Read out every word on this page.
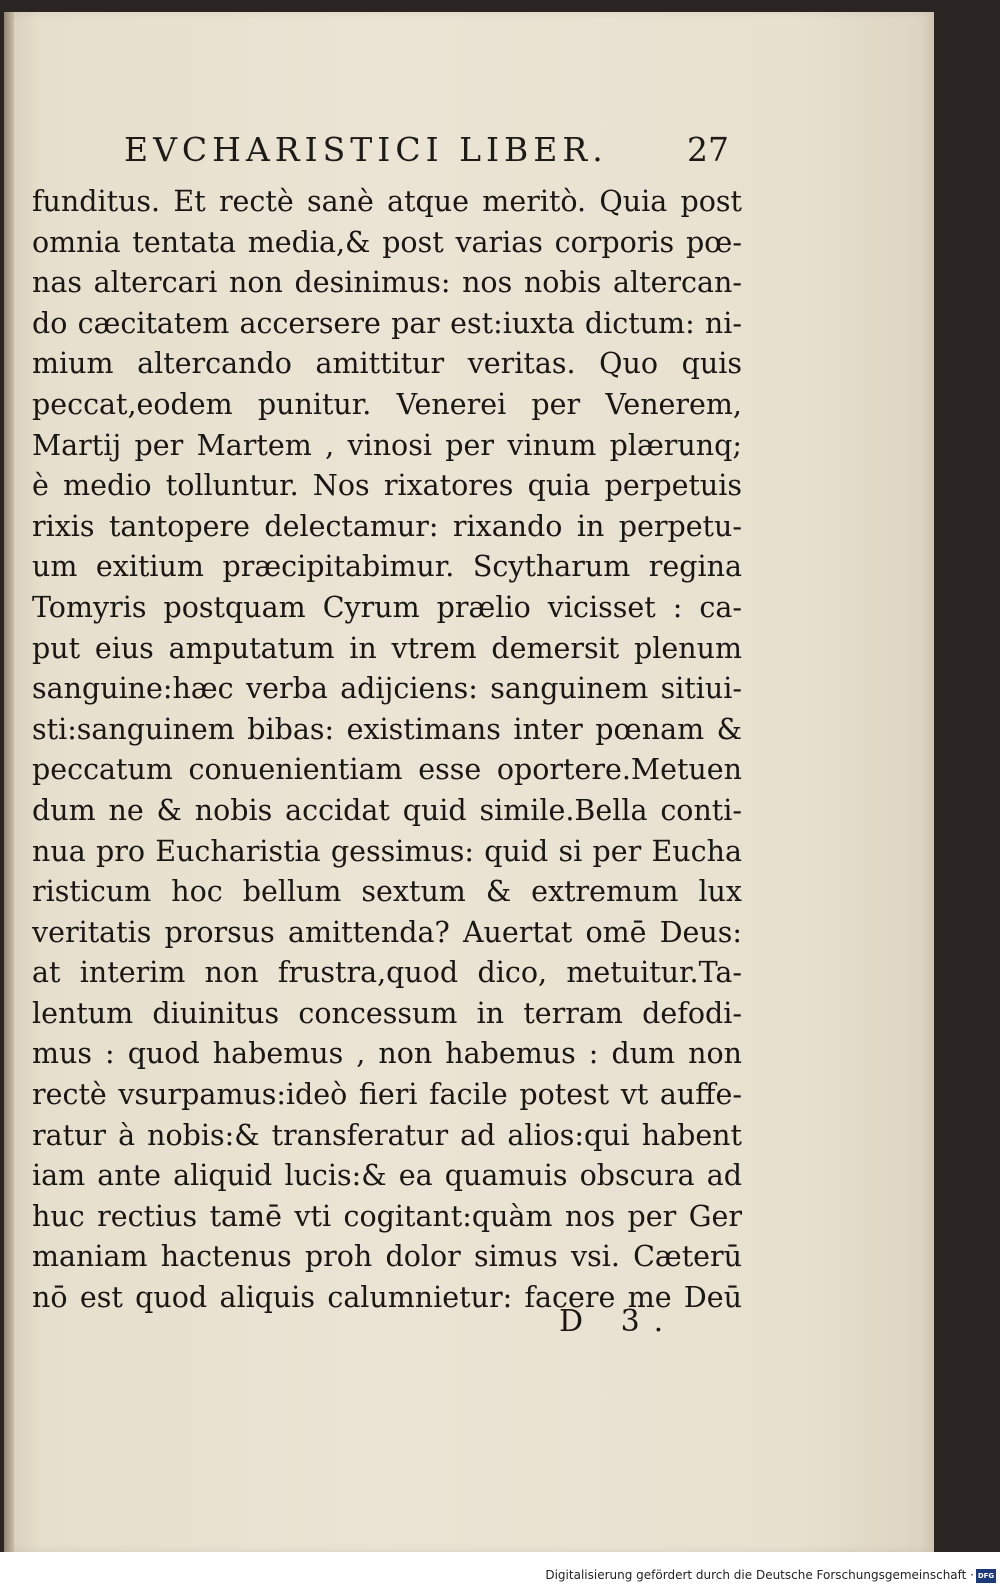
EVCHARISTICI LIBER. 27
funditus. Et rectè sanè atque meritò. Quia post
omnia tentata media,& post varias corporis pœ-
nas altercari non desinimus: nos nobis altercan-
do cæcitatem accersere par est:iuxta dictum: ni-
mium altercando amittitur veritas. Quo quis
peccat,eodem punitur. Venerei per Venerem,
Martij per Martem , vinosi per vinum plærunq;
è medio tolluntur. Nos rixatores quia perpetuis
rixis tantopere delectamur: rixando in perpetu-
um exitium præcipitabimur. Scytharum regina
Tomyris postquam Cyrum prælio vicisset : ca-
put eius amputatum in vtrem demersit plenum
sanguine:hæc verba adijciens: sanguinem sitiui-
sti:sanguinem bibas: existimans inter pœnam &
peccatum conuenientiam esse oportere.Metuen
dum ne & nobis accidat quid simile.Bella conti-
nua pro Eucharistia gessimus: quid si per Eucha
risticum hoc bellum sextum & extremum lux
veritatis prorsus amittenda? Auertat omē Deus:
at interim non frustra,quod dico, metuitur.Ta-
lentum diuinitus concessum in terram defodi-
mus : quod habemus , non habemus : dum non
rectè vsurpamus:ideò fieri facile potest vt auffe-
ratur à nobis:& transferatur ad alios:qui habent
iam ante aliquid lucis:& ea quamuis obscura ad
huc rectius tamē vti cogitant:quàm nos per Ger
maniam hactenus proh dolor simus vsi. Cæterū
nō est quod aliquis calumnietur: facere me Deū
D 3.
Digitalisierung gefördert durch die Deutsche Forschungsgemeinschaft · DFG
